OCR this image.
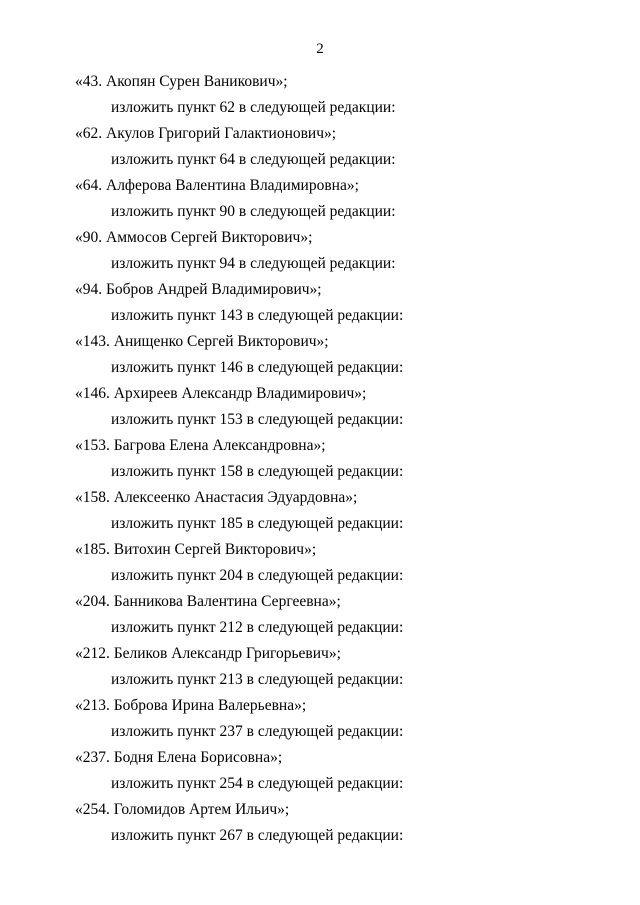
2
«43. Акопян Сурен Ваникович»;
изложить пункт 62 в следующей редакции:
«62. Акулов Григорий Галактионович»;
изложить пункт 64 в следующей редакции:
«64. Алферова Валентина Владимировна»;
изложить пункт 90 в следующей редакции:
«90. Аммосов Сергей Викторович»;
изложить пункт 94 в следующей редакции:
«94. Бобров Андрей Владимирович»;
изложить пункт 143 в следующей редакции:
«143. Анищенко Сергей Викторович»;
изложить пункт 146 в следующей редакции:
«146. Архиреев Александр Владимирович»;
изложить пункт 153 в следующей редакции:
«153. Багрова Елена Александровна»;
изложить пункт 158 в следующей редакции:
«158. Алексеенко Анастасия Эдуардовна»;
изложить пункт 185 в следующей редакции:
«185. Витохин Сергей Викторович»;
изложить пункт 204 в следующей редакции:
«204. Банникова Валентина Сергеевна»;
изложить пункт 212 в следующей редакции:
«212. Беликов Александр Григорьевич»;
изложить пункт 213 в следующей редакции:
«213. Боброва Ирина Валерьевна»;
изложить пункт 237 в следующей редакции:
«237. Бодня Елена Борисовна»;
изложить пункт 254 в следующей редакции:
«254. Голомидов Артем Ильич»;
изложить пункт 267 в следующей редакции:
